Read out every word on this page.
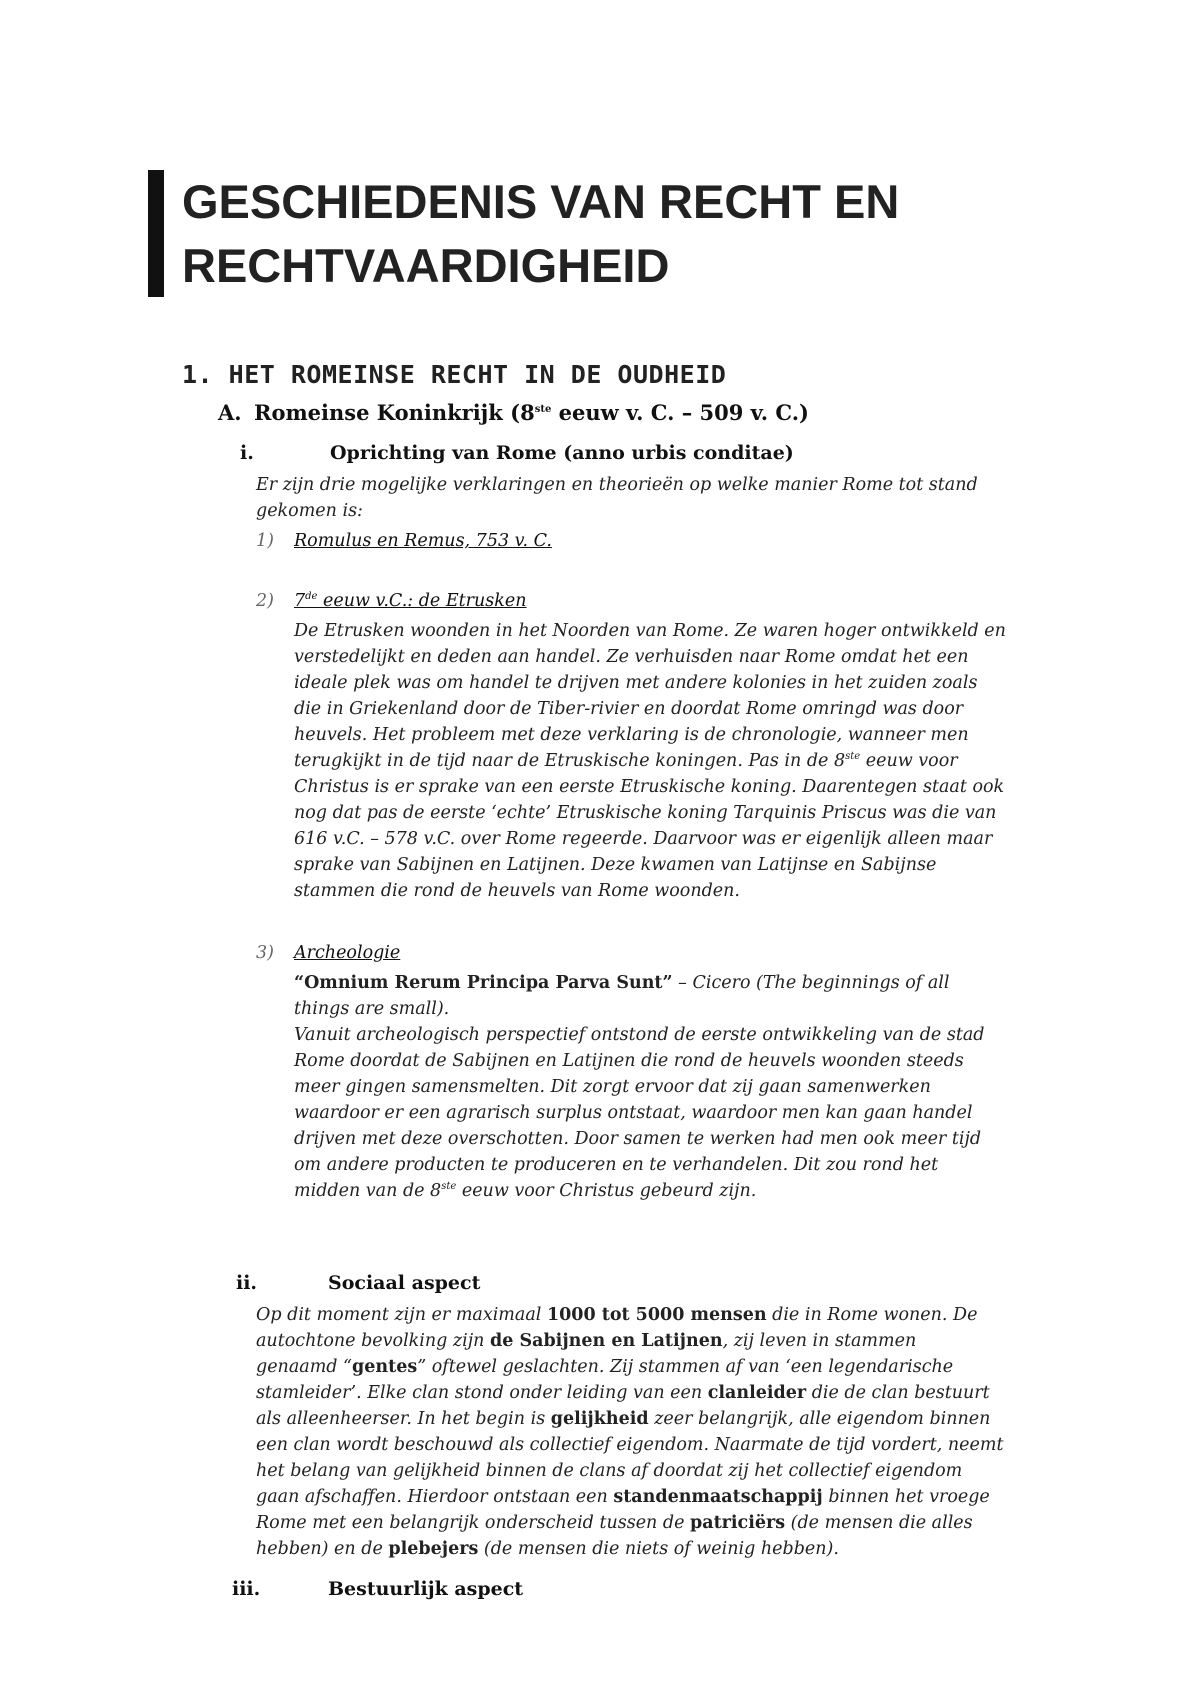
GESCHIEDENIS VAN RECHT EN
RECHTVAARDIGHEID
1. HET ROMEINSE RECHT IN DE OUDHEID
A. Romeinse Koninkrijk (8ste eeuw v. C. – 509 v. C.)
i.	Oprichting van Rome (anno urbis conditae)

Er zijn drie mogelijke verklaringen en theorieën op welke manier Rome tot stand
gekomen is:

1) Romulus en Remus, 753 v. C.
2) 7de eeuw v.C.: de Etrusken

De Etrusken woonden in het Noorden van Rome. Ze waren hoger ontwikkeld en
verstedelijkt en deden aan handel. Ze verhuisden naar Rome omdat het een
ideale plek was om handel te drijven met andere kolonies in het zuiden zoals
die in Griekenland door de Tiber-rivier en doordat Rome omringd was door
heuvels. Het probleem met deze verklaring is de chronologie, wanneer men
terugkijkt in de tijd naar de Etruskische koningen. Pas in de 8ste eeuw voor
Christus is er sprake van een eerste Etruskische koning. Daarentegen staat ook
nog dat pas de eerste ‘echte’ Etruskische koning Tarquinis Priscus was die van
616 v.C. – 578 v.C. over Rome regeerde. Daarvoor was er eigenlijk alleen maar
sprake van Sabijnen en Latijnen. Deze kwamen van Latijnse en Sabijnse
stammen die rond de heuvels van Rome woonden.

3) Archeologie

“Omnium Rerum Principa Parva Sunt” – Cicero (The beginnings of all
things are small).
Vanuit archeologisch perspectief ontstond de eerste ontwikkeling van de stad
Rome doordat de Sabijnen en Latijnen die rond de heuvels woonden steeds
meer gingen samensmelten. Dit zorgt ervoor dat zij gaan samenwerken
waardoor er een agrarisch surplus ontstaat, waardoor men kan gaan handel
drijven met deze overschotten. Door samen te werken had men ook meer tijd
om andere producten te produceren en te verhandelen. Dit zou rond het
midden van de 8ste eeuw voor Christus gebeurd zijn.

ii.	Sociaal aspect

Op dit moment zijn er maximaal 1000 tot 5000 mensen die in Rome wonen. De
autochtone bevolking zijn de Sabijnen en Latijnen, zij leven in stammen
genaamd “gentes” oftewel geslachten. Zij stammen af van ‘een legendarische
stamleider’. Elke clan stond onder leiding van een clanleider die de clan bestuurt
als alleenheerser. In het begin is gelijkheid zeer belangrijk, alle eigendom binnen
een clan wordt beschouwd als collectief eigendom. Naarmate de tijd vordert, neemt
het belang van gelijkheid binnen de clans af doordat zij het collectief eigendom
gaan afschaffen. Hierdoor ontstaan een standenmaatschappij binnen het vroege
Rome met een belangrijk onderscheid tussen de patriciërs (de mensen die alles
hebben) en de plebejers (de mensen die niets of weinig hebben).

iii.	Bestuurlijk aspect
